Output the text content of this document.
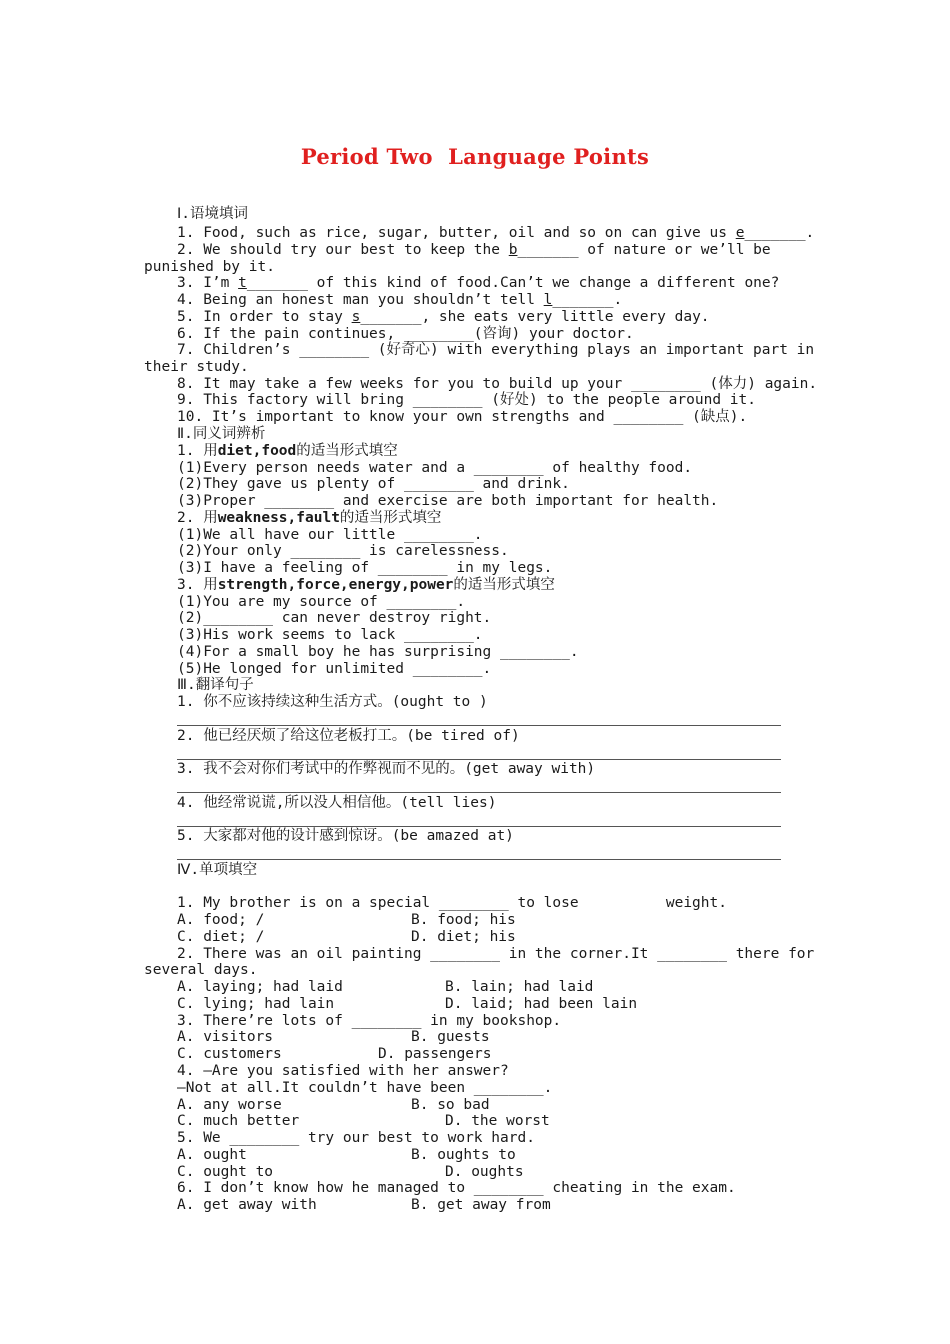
Period Two  Language Points
Ⅰ.语境填词
1. Food, such as rice, sugar, butter, oil and so on can give us e_______.
2. We should try our best to keep the b_______ of nature or we’ll be
punished by it.
3. I’m t_______ of this kind of food.Can’t we change a different one?
4. Being an honest man you shouldn’t tell l_______.
5. In order to stay s_______, she eats very little every day.
6. If the pain continues, ________(咨询) your doctor.
7. Children’s ________ (好奇心) with everything plays an important part in
their study.
8. It may take a few weeks for you to build up your ________ (体力) again.
9. This factory will bring ________ (好处) to the people around it.
10. It’s important to know your own strengths and ________ (缺点).
Ⅱ.同义词辨析
1. 用diet,food的适当形式填空
(1)Every person needs water and a ________ of healthy food.
(2)They gave us plenty of ________ and drink.
(3)Proper ________ and exercise are both important for health.
2. 用weakness,fault的适当形式填空
(1)We all have our little ________.
(2)Your only ________ is carelessness.
(3)I have a feeling of ________ in my legs.
3. 用strength,force,energy,power的适当形式填空
(1)You are my source of ________.
(2)________ can never destroy right.
(3)His work seems to lack ________.
(4)For a small boy he has surprising ________.
(5)He longed for unlimited ________.
Ⅲ.翻译句子
1. 你不应该持续这种生活方式。(ought to )
2. 他已经厌烦了给这位老板打工。(be tired of)
3. 我不会对你们考试中的作弊视而不见的。(get away with)
4. 他经常说谎,所以没人相信他。(tell lies)
5. 大家都对他的设计感到惊讶。(be amazed at)
Ⅳ.单项填空
1. My brother is on a special ________ to lose          weight.
A. food; /	B. food; his
C. diet; /	D. diet; his
2. There was an oil painting ________ in the corner.It ________ there for
several days.
A. laying; had laid	B. lain; had laid
C. lying; had lain	D. laid; had been lain
3. There’re lots of ________ in my bookshop.
A. visitors	B. guests
C. customers	D. passengers
4. —Are you satisfied with her answer?
—Not at all.It couldn’t have been ________.
A. any worse	B. so bad
C. much better	D. the worst
5. We ________ try our best to work hard.
A. ought	B. oughts to
C. ought to	D. oughts
6. I don’t know how he managed to ________ cheating in the exam.
A. get away with	B. get away from
